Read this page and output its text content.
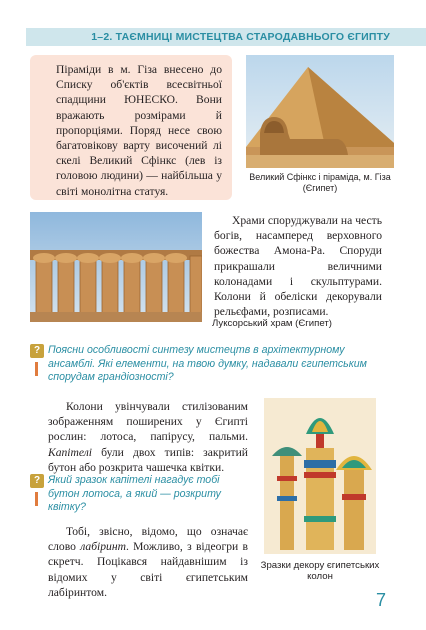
1–2. ТАЄМНИЦІ МИСТЕЦТВА СТАРОДАВНЬОГО ЄГИПТУ

Піраміди в м. Гіза внесено до Списку об'єктів всесвітньої спадщини ЮНЕСКО. Вони вражають розмірами й пропорціями. Поряд несе свою багатовікову варту височений лі скелі Великий Сфінкс (лев із головою людини) — найбільша у світі монолітна статуя.

Великий Сфінкс і піраміда, м. Гіза (Єгипет)
Луксорський храм (Єгипет)

Храми споруджували на честь богів, насамперед верховного божества Амона-Ра. Споруди прикрашали величними колонадами і скульптурами. Колони й обеліски декорували рельєфами, розписами.

? Поясни особливості синтезу мистецтв в архітектурному ансамблі. Які елементи, на твою думку, надавали єгипетським спорудам грандіозності?

Колони увінчували стилізованим зображенням поширених у Єгипті рослин: лотоса, папірусу, пальми. Капітелі були двох типів: закритий бутон або розкрита чашечка квітки.

? Який зразок капітелі нагадує тобі бутон лотоса, а який — розкриту квітку?

Тобі, звісно, відомо, що означає слово лабіринт. Можливо, з відеогри в скретч. Поцікався найдавнішим із відомих у світі єгипетським лабіринтом.

Зразки декору єгипетських колон
7
